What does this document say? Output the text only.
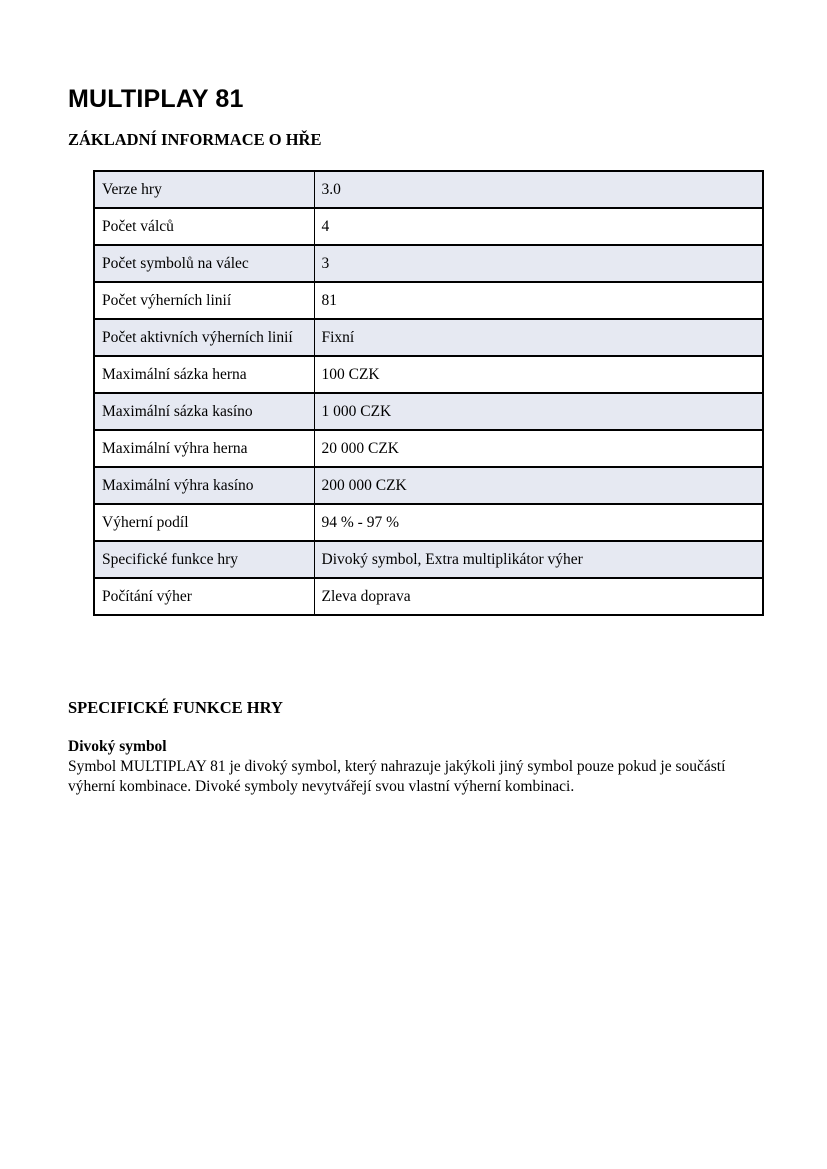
MULTIPLAY 81
ZÁKLADNÍ INFORMACE O HŘE
Verze hry	3.0
Počet válců	4
Počet symbolů na válec	3
Počet výherních linií	81
Počet aktivních výherních linií	Fixní
Maximální sázka herna	100 CZK
Maximální sázka kasíno	1 000 CZK
Maximální výhra herna	20 000 CZK
Maximální výhra kasíno	200 000 CZK
Výherní podíl	94 % - 97 %
Specifické funkce hry	Divoký symbol, Extra multiplikátor výher
Počítání výher	Zleva doprava
SPECIFICKÉ FUNKCE HRY
Divoký symbol

Symbol MULTIPLAY 81 je divoký symbol, který nahrazuje jakýkoli jiný symbol pouze pokud je součástí výherní kombinace. Divoké symboly nevytvářejí svou vlastní výherní kombinaci.
